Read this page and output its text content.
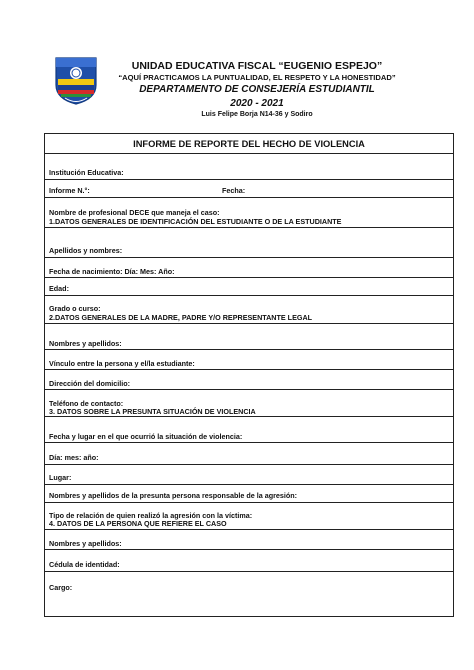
UNIDAD EDUCATIVA FISCAL “EUGENIO ESPEJO”
“AQUÍ PRACTICAMOS LA PUNTUALIDAD, EL RESPETO Y LA HONESTIDAD”
DEPARTAMENTO DE CONSEJERÍA ESTUDIANTIL
2020 - 2021
Luis Felipe Borja N14-36 y Sodiro
INFORME DE REPORTE DEL HECHO DE VIOLENCIA
Institución Educativa:
Informe N.°:	Fecha:
Nombre de profesional DECE que maneja el caso:
1.DATOS GENERALES DE IDENTIFICACIÓN DEL ESTUDIANTE O DE LA ESTUDIANTE
Apellidos y nombres:
Fecha de nacimiento: Día: Mes: Año:
Edad:
Grado o curso:
2.DATOS GENERALES DE LA MADRE, PADRE Y/O REPRESENTANTE LEGAL
Nombres y apellidos:
Vínculo entre la persona y el/la estudiante:
Dirección del domicilio:
Teléfono de contacto:
3. DATOS SOBRE LA PRESUNTA SITUACIÓN DE VIOLENCIA
Fecha y lugar en el que ocurrió la situación de violencia:
Día: mes: año:
Lugar:
Nombres y apellidos de la presunta persona responsable de la agresión:
Tipo de relación de quien realizó la agresión con la víctima:
4. DATOS DE LA PERSONA QUE REFIERE EL CASO
Nombres y apellidos:
Cédula de identidad:
Cargo:
